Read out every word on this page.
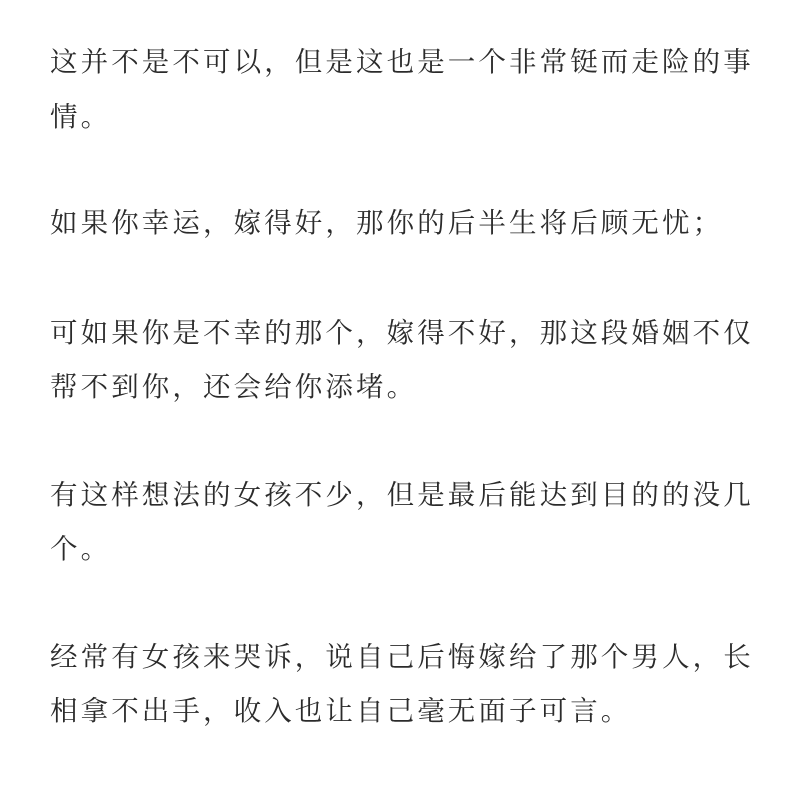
这并不是不可以，但是这也是一个非常铤而走险的事
情。
如果你幸运，嫁得好，那你的后半生将后顾无忧；
可如果你是不幸的那个，嫁得不好，那这段婚姻不仅
帮不到你，还会给你添堵。
有这样想法的女孩不少，但是最后能达到目的的没几
个。
经常有女孩来哭诉，说自己后悔嫁给了那个男人，长
相拿不出手，收入也让自己毫无面子可言。
